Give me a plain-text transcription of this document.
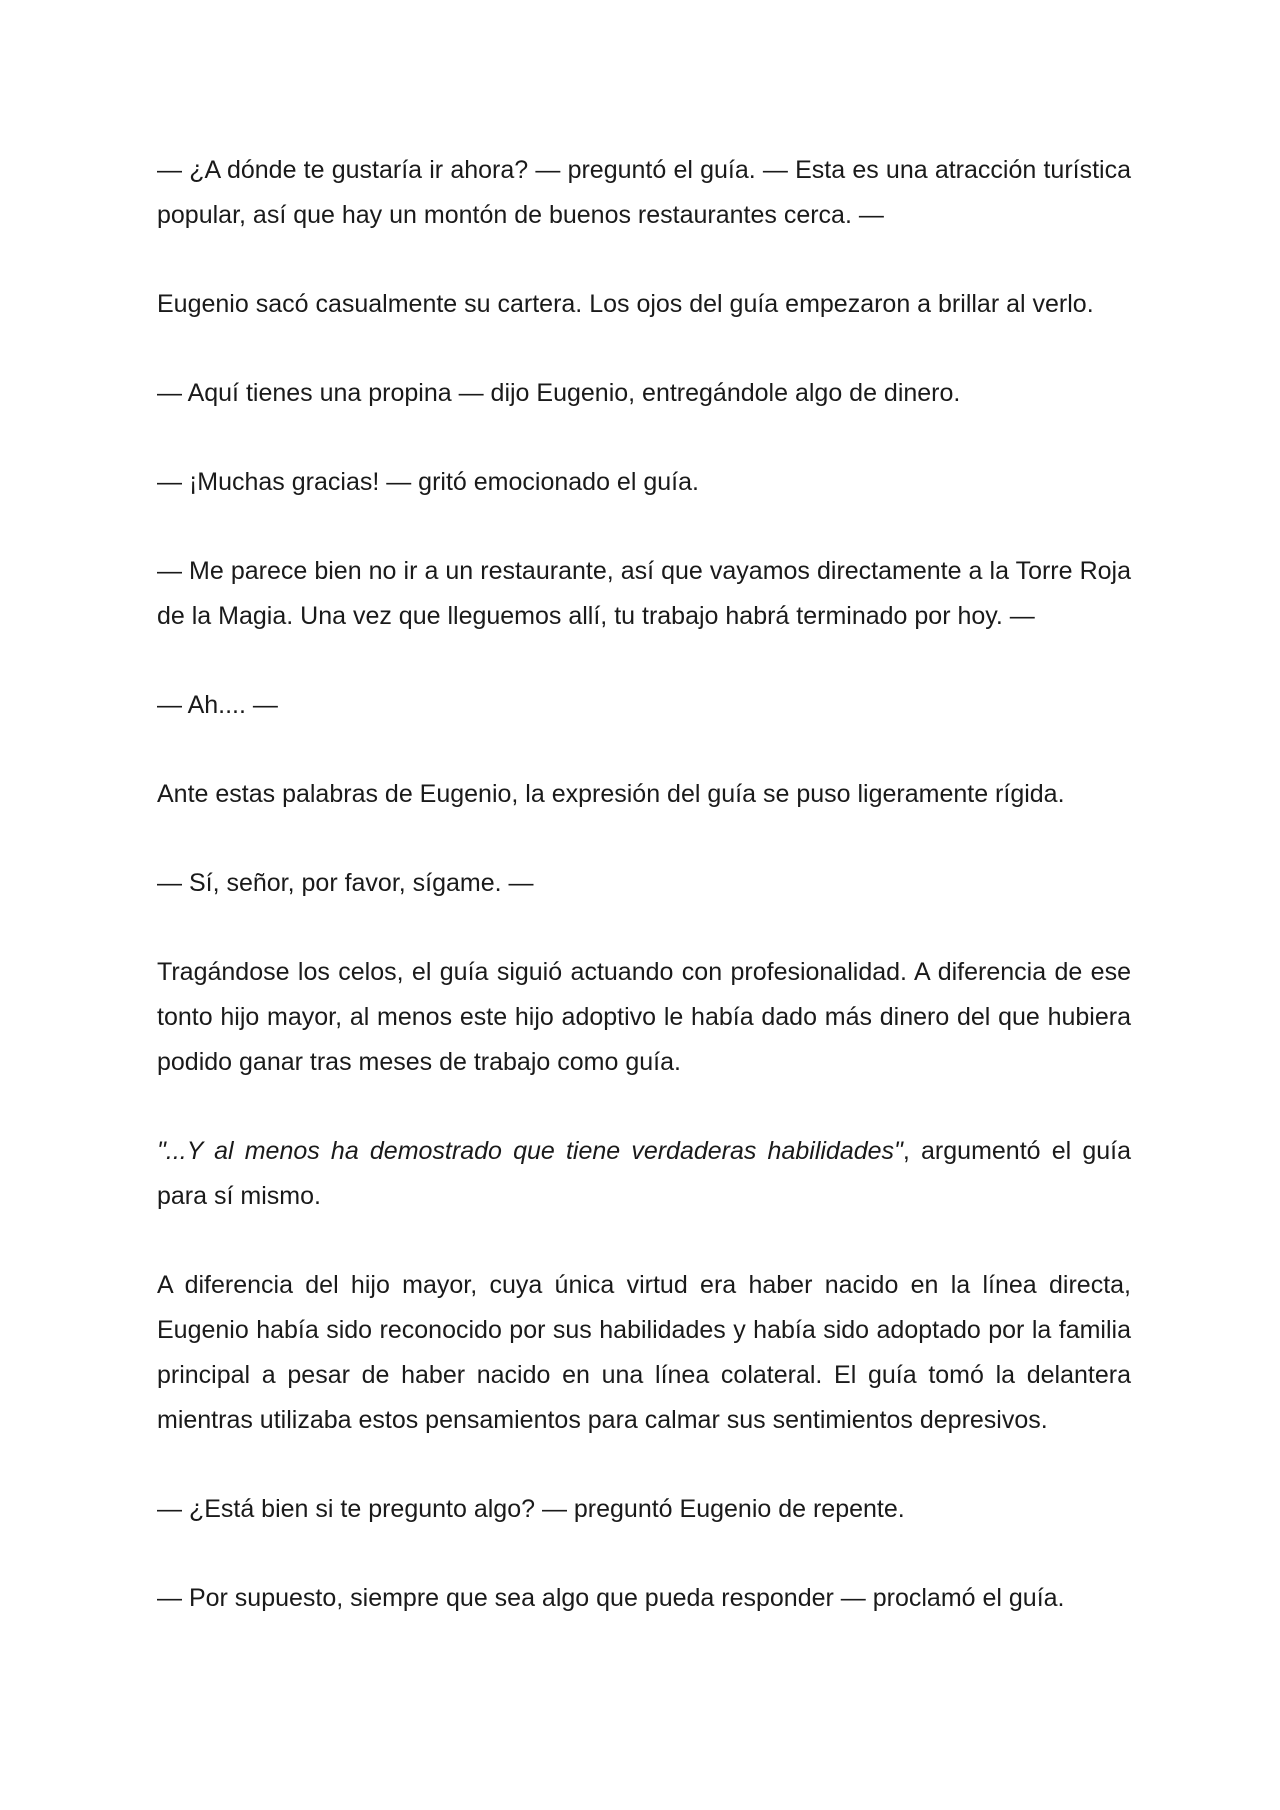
— ¿A dónde te gustaría ir ahora? — preguntó el guía. — Esta es una atracción turística popular, así que hay un montón de buenos restaurantes cerca. —

Eugenio sacó casualmente su cartera. Los ojos del guía empezaron a brillar al verlo.

— Aquí tienes una propina — dijo Eugenio, entregándole algo de dinero.

— ¡Muchas gracias! — gritó emocionado el guía.

— Me parece bien no ir a un restaurante, así que vayamos directamente a la Torre Roja de la Magia. Una vez que lleguemos allí, tu trabajo habrá terminado por hoy. —

— Ah.... —

Ante estas palabras de Eugenio, la expresión del guía se puso ligeramente rígida.

— Sí, señor, por favor, sígame. —

Tragándose los celos, el guía siguió actuando con profesionalidad. A diferencia de ese tonto hijo mayor, al menos este hijo adoptivo le había dado más dinero del que hubiera podido ganar tras meses de trabajo como guía.

"...Y al menos ha demostrado que tiene verdaderas habilidades", argumentó el guía para sí mismo.

A diferencia del hijo mayor, cuya única virtud era haber nacido en la línea directa, Eugenio había sido reconocido por sus habilidades y había sido adoptado por la familia principal a pesar de haber nacido en una línea colateral. El guía tomó la delantera mientras utilizaba estos pensamientos para calmar sus sentimientos depresivos.

— ¿Está bien si te pregunto algo? — preguntó Eugenio de repente.

— Por supuesto, siempre que sea algo que pueda responder — proclamó el guía.
